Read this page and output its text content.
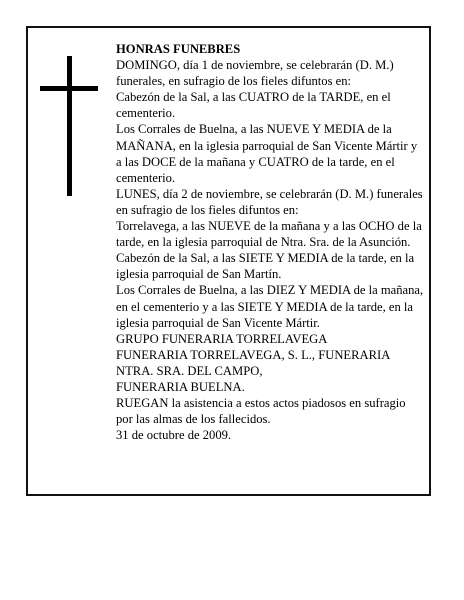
HONRAS FUNEBRES

DOMINGO, día 1 de noviembre, se celebrarán (D. M.) funerales, en sufragio de los fieles difuntos en:

Cabezón de la Sal, a las CUATRO de la TARDE, en el cementerio.

Los Corrales de Buelna, a las NUEVE Y MEDIA de la MAÑANA, en la iglesia parroquial de San Vicente Mártir y a las DOCE de la mañana y CUATRO de la tarde, en el cementerio.

LUNES, día 2 de noviembre, se celebrarán (D. M.) funerales en sufragio de los fieles difuntos en:

Torrelavega, a las NUEVE de la mañana y a las OCHO de la tarde, en la iglesia parroquial de Ntra. Sra. de la Asunción.

Cabezón de la Sal, a las SIETE Y MEDIA de la tarde, en la iglesia parroquial de San Martín.

Los Corrales de Buelna, a las DIEZ Y MEDIA de la mañana, en el cementerio y a las SIETE Y MEDIA de la tarde, en la iglesia parroquial de San Vicente Mártir.

GRUPO FUNERARIA TORRELAVEGA

FUNERARIA TORRELAVEGA, S. L., FUNERARIA NTRA. SRA. DEL CAMPO,

FUNERARIA BUELNA.

RUEGAN la asistencia a estos actos piadosos en sufragio por las almas de los fallecidos.

31 de octubre de 2009.
